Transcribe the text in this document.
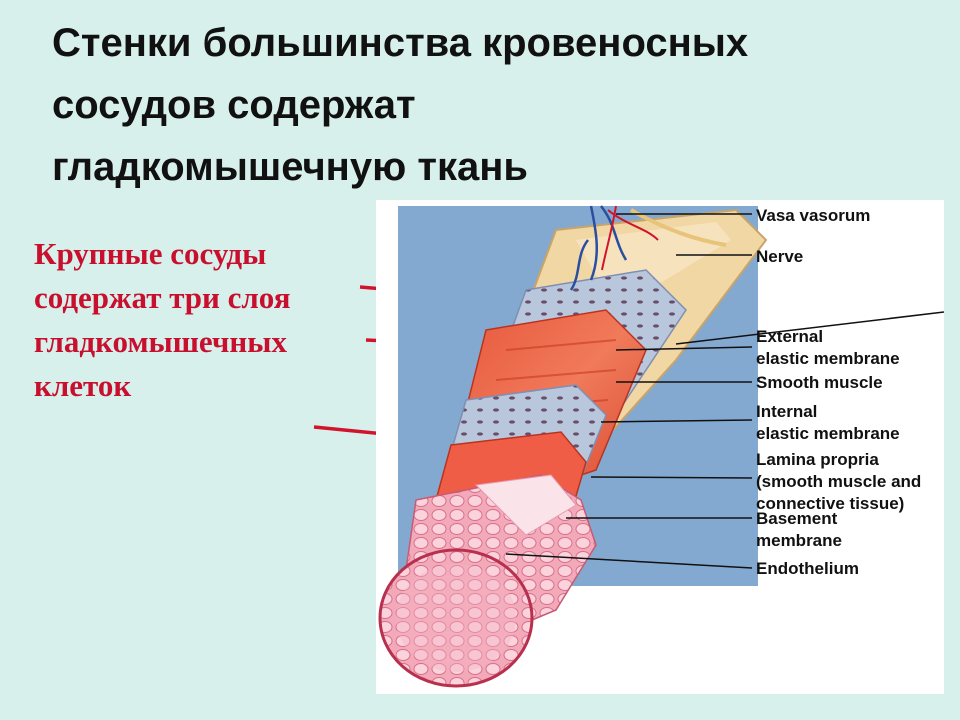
Стенки большинства кровеносных
сосудов содержат
гладкомышечную ткань
Крупные сосуды
содержат три слоя
гладкомышечных
клеток
Vasa vasorum
Nerve
External
elastic membrane
Smooth muscle
Internal
elastic membrane
Lamina propria
(smooth muscle and
connective tissue)
Basement
membrane
Endothelium
